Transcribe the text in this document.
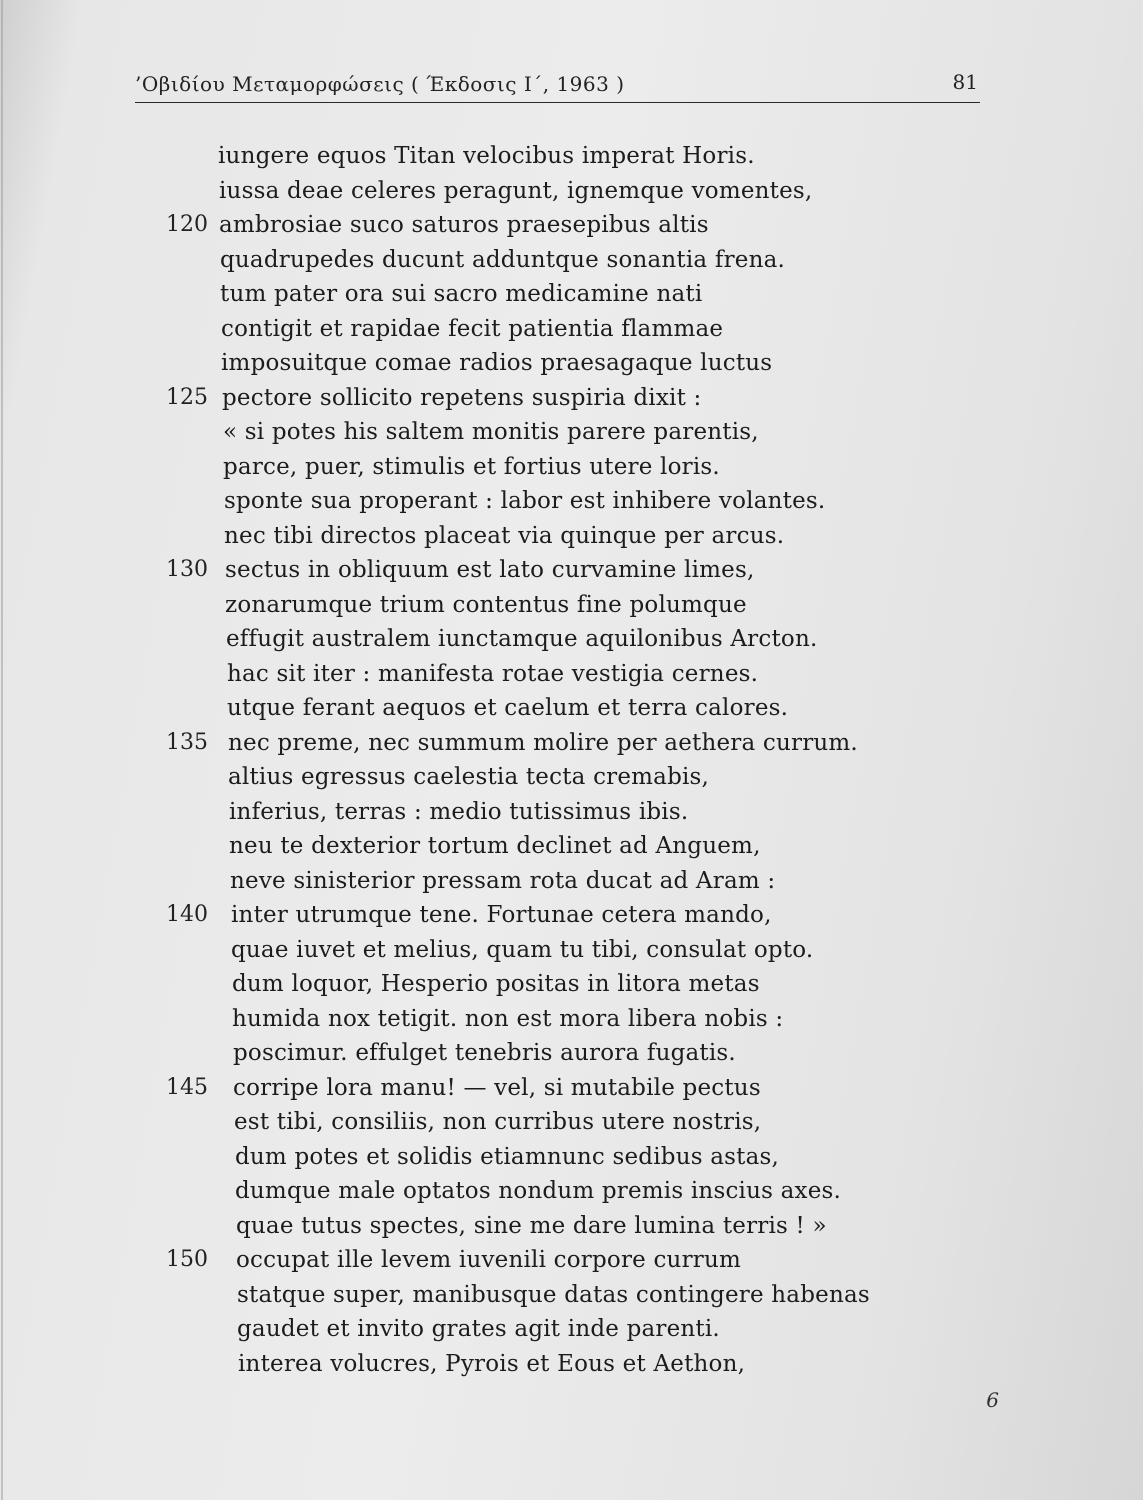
’Οβιδίου Μεταμορφώσεις ( Έκδοσις Ι΄, 1963 )	81
iungere equos Titan velocibus imperat Horis.
iussa deae celeres peragunt, ignemque vomentes,
120 ambrosiae suco saturos praesepibus altis
quadrupedes ducunt adduntque sonantia frena.
tum pater ora sui sacro medicamine nati
contigit et rapidae fecit patientia flammae
imposuitque comae radios praesagaque luctus
125 pectore sollicito repetens suspiria dixit :
« si potes his saltem monitis parere parentis,
parce, puer, stimulis et fortius utere loris.
sponte sua properant : labor est inhibere volantes.
nec tibi directos placeat via quinque per arcus.
130 sectus in obliquum est lato curvamine limes,
zonarumque trium contentus fine polumque
effugit australem iunctamque aquilonibus Arcton.
hac sit iter : manifesta rotae vestigia cernes.
utque ferant aequos et caelum et terra calores.
135 nec preme, nec summum molire per aethera currum.
altius egressus caelestia tecta cremabis,
inferius, terras : medio tutissimus ibis.
neu te dexterior tortum declinet ad Anguem,
neve sinisterior pressam rota ducat ad Aram :
140 inter utrumque tene. Fortunae cetera mando,
quae iuvet et melius, quam tu tibi, consulat opto.
dum loquor, Hesperio positas in litora metas
humida nox tetigit. non est mora libera nobis :
poscimur. effulget tenebris aurora fugatis.
145 corripe lora manu! — vel, si mutabile pectus
est tibi, consiliis, non curribus utere nostris,
dum potes et solidis etiamnunc sedibus astas,
dumque male optatos nondum premis inscius axes.
quae tutus spectes, sine me dare lumina terris ! »
150 occupat ille levem iuvenili corpore currum
statque super, manibusque datas contingere habenas
gaudet et invito grates agit inde parenti.
interea volucres, Pyrois et Eous et Aethon,
6
